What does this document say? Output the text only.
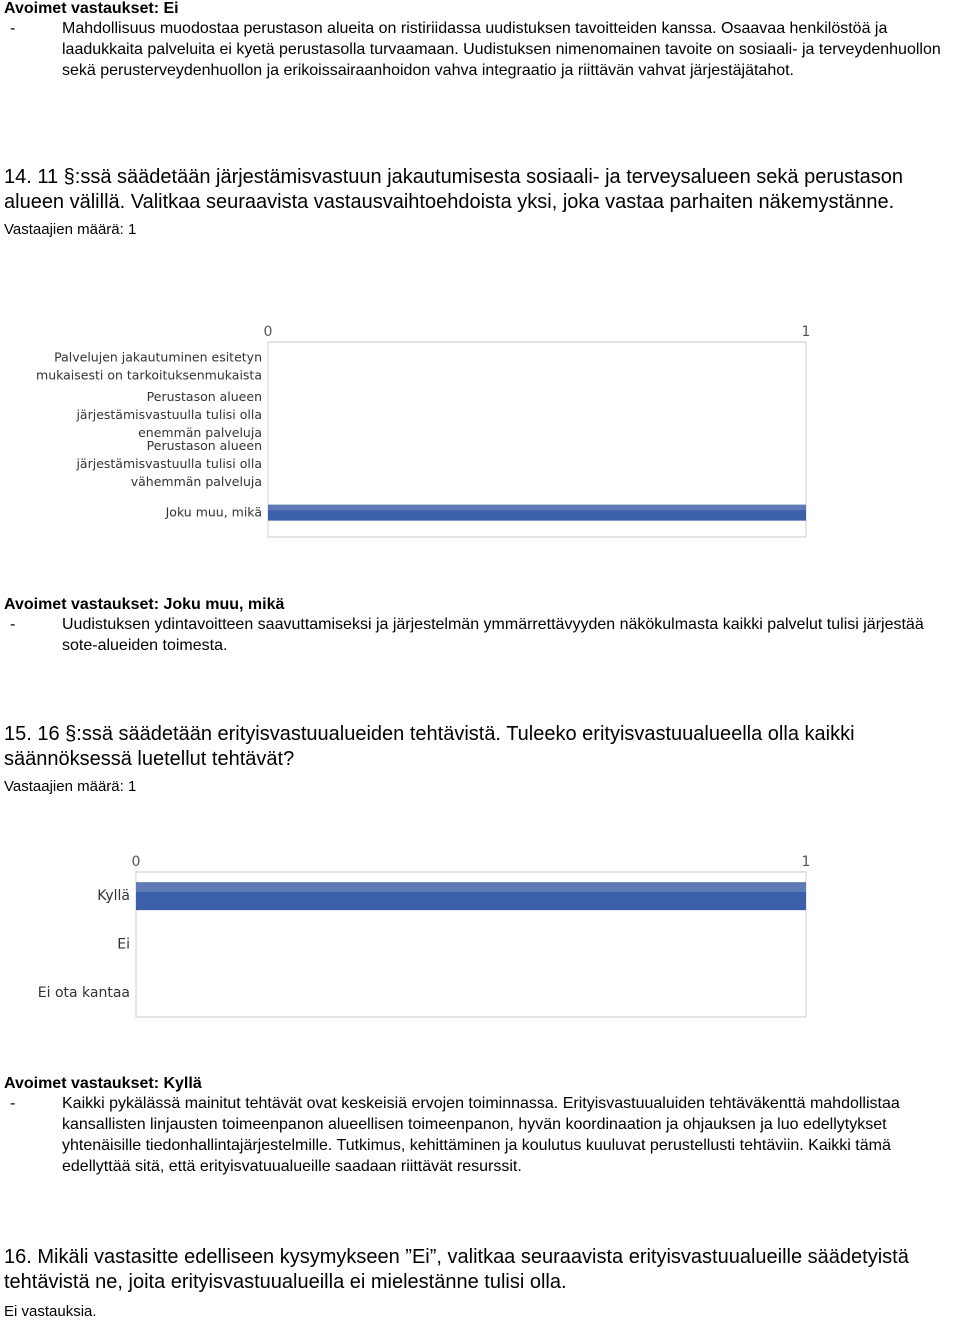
Avoimet vastaukset: Ei
-	Mahdollisuus muodostaa perustason alueita on ristiriidassa uudistuksen tavoitteiden kanssa. Osaavaa henkilöstöä ja laadukkaita palveluita ei kyetä perustasolla turvaamaan. Uudistuksen nimenomainen tavoite on sosiaali- ja terveydenhuollon sekä perusterveydenhuollon ja erikoissairaanhoidon vahva integraatio ja riittävän vahvat järjestäjätahot.
14. 11 §:ssä säädetään järjestämisvastuun jakautumisesta sosiaali- ja terveysalueen sekä perustason alueen välillä. Valitkaa seuraavista vastausvaihtoehdoista yksi, joka vastaa parhaiten näkemystänne.
Vastaajien määrä: 1
0	1
Palvelujen jakautuminen esitetyn
mukaisesti on tarkoituksenmukaista
Perustason alueen
järjestämisvastuulla tulisi olla
enemmän palveluja
Perustason alueen
järjestämisvastuulla tulisi olla
vähemmän palveluja
Joku muu, mikä
Avoimet vastaukset: Joku muu, mikä
-	Uudistuksen ydintavoitteen saavuttamiseksi ja järjestelmän ymmärrettävyyden näkökulmasta kaikki palvelut tulisi järjestää sote-alueiden toimesta.
15. 16 §:ssä säädetään erityisvastuualueiden tehtävistä. Tuleeko erityisvastuualueella olla kaikki säännöksessä luetellut tehtävät?
Vastaajien määrä: 1
0	1
Kyllä
Ei
Ei ota kantaa
Avoimet vastaukset: Kyllä
-	Kaikki pykälässä mainitut tehtävät ovat keskeisiä ervojen toiminnassa. Erityisvastuualuiden tehtäväkenttä mahdollistaa kansallisten linjausten toimeenpanon alueellisen toimeenpanon, hyvän koordinaation ja ohjauksen ja luo edellytykset yhtenäisille tiedonhallintajärjestelmille. Tutkimus, kehittäminen ja koulutus kuuluvat perustellusti tehtäviin. Kaikki tämä edellyttää sitä, että erityisvatuualueille saadaan riittävät resurssit.
16. Mikäli vastasitte edelliseen kysymykseen ”Ei”, valitkaa seuraavista erityisvastuualueille säädetyistä tehtävistä ne, joita erityisvastuualueilla ei mielestänne tulisi olla.
Ei vastauksia.
